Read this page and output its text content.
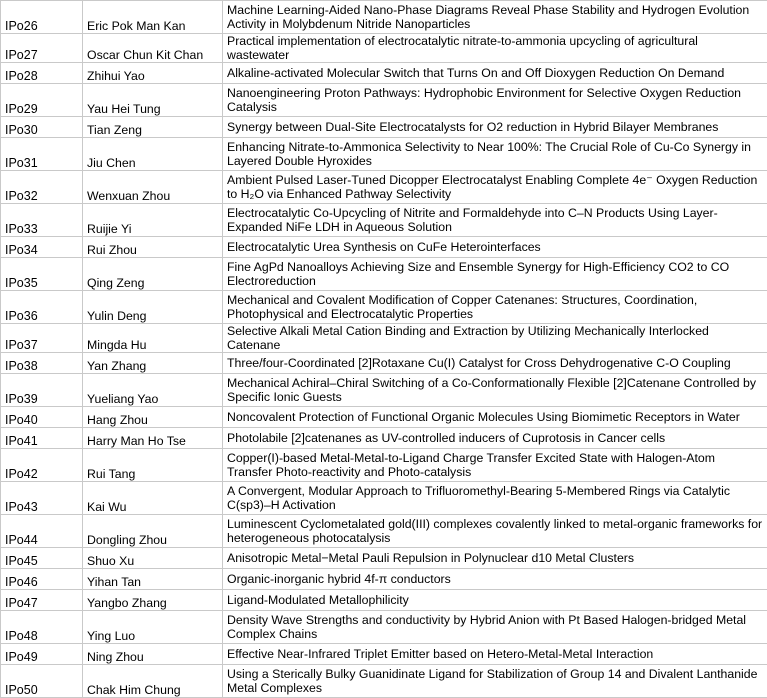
IPo26	Eric Pok Man Kan	Machine Learning-Aided Nano-Phase Diagrams Reveal Phase Stability and Hydrogen Evolution Activity in Molybdenum Nitride Nanoparticles
IPo27	Oscar Chun Kit Chan	Practical implementation of electrocatalytic nitrate-to-ammonia upcycling of agricultural wastewater
IPo28	Zhihui Yao	Alkaline-activated Molecular Switch that Turns On and Off Dioxygen Reduction On Demand
IPo29	Yau Hei Tung	Nanoengineering Proton Pathways: Hydrophobic Environment for Selective Oxygen Reduction Catalysis
IPo30	Tian Zeng	Synergy between Dual-Site Electrocatalysts for O2 reduction in Hybrid Bilayer Membranes
IPo31	Jiu Chen	Enhancing Nitrate-to-Ammonica Selectivity to Near 100%: The Crucial Role of Cu-Co Synergy in Layered Double Hyroxides
IPo32	Wenxuan Zhou	Ambient Pulsed Laser-Tuned Dicopper Electrocatalyst Enabling Complete 4e⁻ Oxygen Reduction to H₂O via Enhanced Pathway Selectivity
IPo33	Ruijie Yi	Electrocatalytic Co-Upcycling of Nitrite and Formaldehyde into C–N Products Using Layer-Expanded NiFe LDH in Aqueous Solution
IPo34	Rui Zhou	Electrocatalytic Urea Synthesis on CuFe Heterointerfaces
IPo35	Qing Zeng	Fine AgPd Nanoalloys Achieving Size and Ensemble Synergy for High-Efficiency CO2 to CO Electroreduction
IPo36	Yulin Deng	Mechanical and Covalent Modification of Copper Catenanes: Structures, Coordination, Photophysical and Electrocatalytic Properties
IPo37	Mingda Hu	Selective Alkali Metal Cation Binding and Extraction by Utilizing Mechanically Interlocked Catenane
IPo38	Yan Zhang	Three/four-Coordinated [2]Rotaxane Cu(I) Catalyst for Cross Dehydrogenative C-O Coupling
IPo39	Yueliang Yao	Mechanical Achiral–Chiral Switching of a Co-Conformationally Flexible [2]Catenane Controlled by Specific Ionic Guests
IPo40	Hang Zhou	Noncovalent Protection of Functional Organic Molecules Using Biomimetic Receptors in Water
IPo41	Harry Man Ho Tse	Photolabile [2]catenanes as UV-controlled inducers of Cuprotosis in Cancer cells
IPo42	Rui Tang	Copper(I)-based Metal-Metal-to-Ligand Charge Transfer Excited State with Halogen-Atom Transfer Photo-reactivity and Photo-catalysis
IPo43	Kai Wu	A Convergent, Modular Approach to Trifluoromethyl-Bearing 5-Membered Rings via Catalytic C(sp3)–H Activation
IPo44	Dongling Zhou	Luminescent Cyclometalated gold(III) complexes covalently linked to metal-organic frameworks for heterogeneous photocatalysis
IPo45	Shuo Xu	Anisotropic Metal−Metal Pauli Repulsion in Polynuclear d10 Metal Clusters
IPo46	Yihan Tan	Organic-inorganic hybrid 4f-π conductors
IPo47	Yangbo Zhang	Ligand-Modulated Metallophilicity
IPo48	Ying Luo	Density Wave Strengths and conductivity by Hybrid Anion with Pt Based Halogen-bridged Metal Complex Chains
IPo49	Ning Zhou	Effective Near-Infrared Triplet Emitter based on Hetero-Metal-Metal Interaction
IPo50	Chak Him Chung	Using a Sterically Bulky Guanidinate Ligand for Stabilization of Group 14 and Divalent Lanthanide Metal Complexes
